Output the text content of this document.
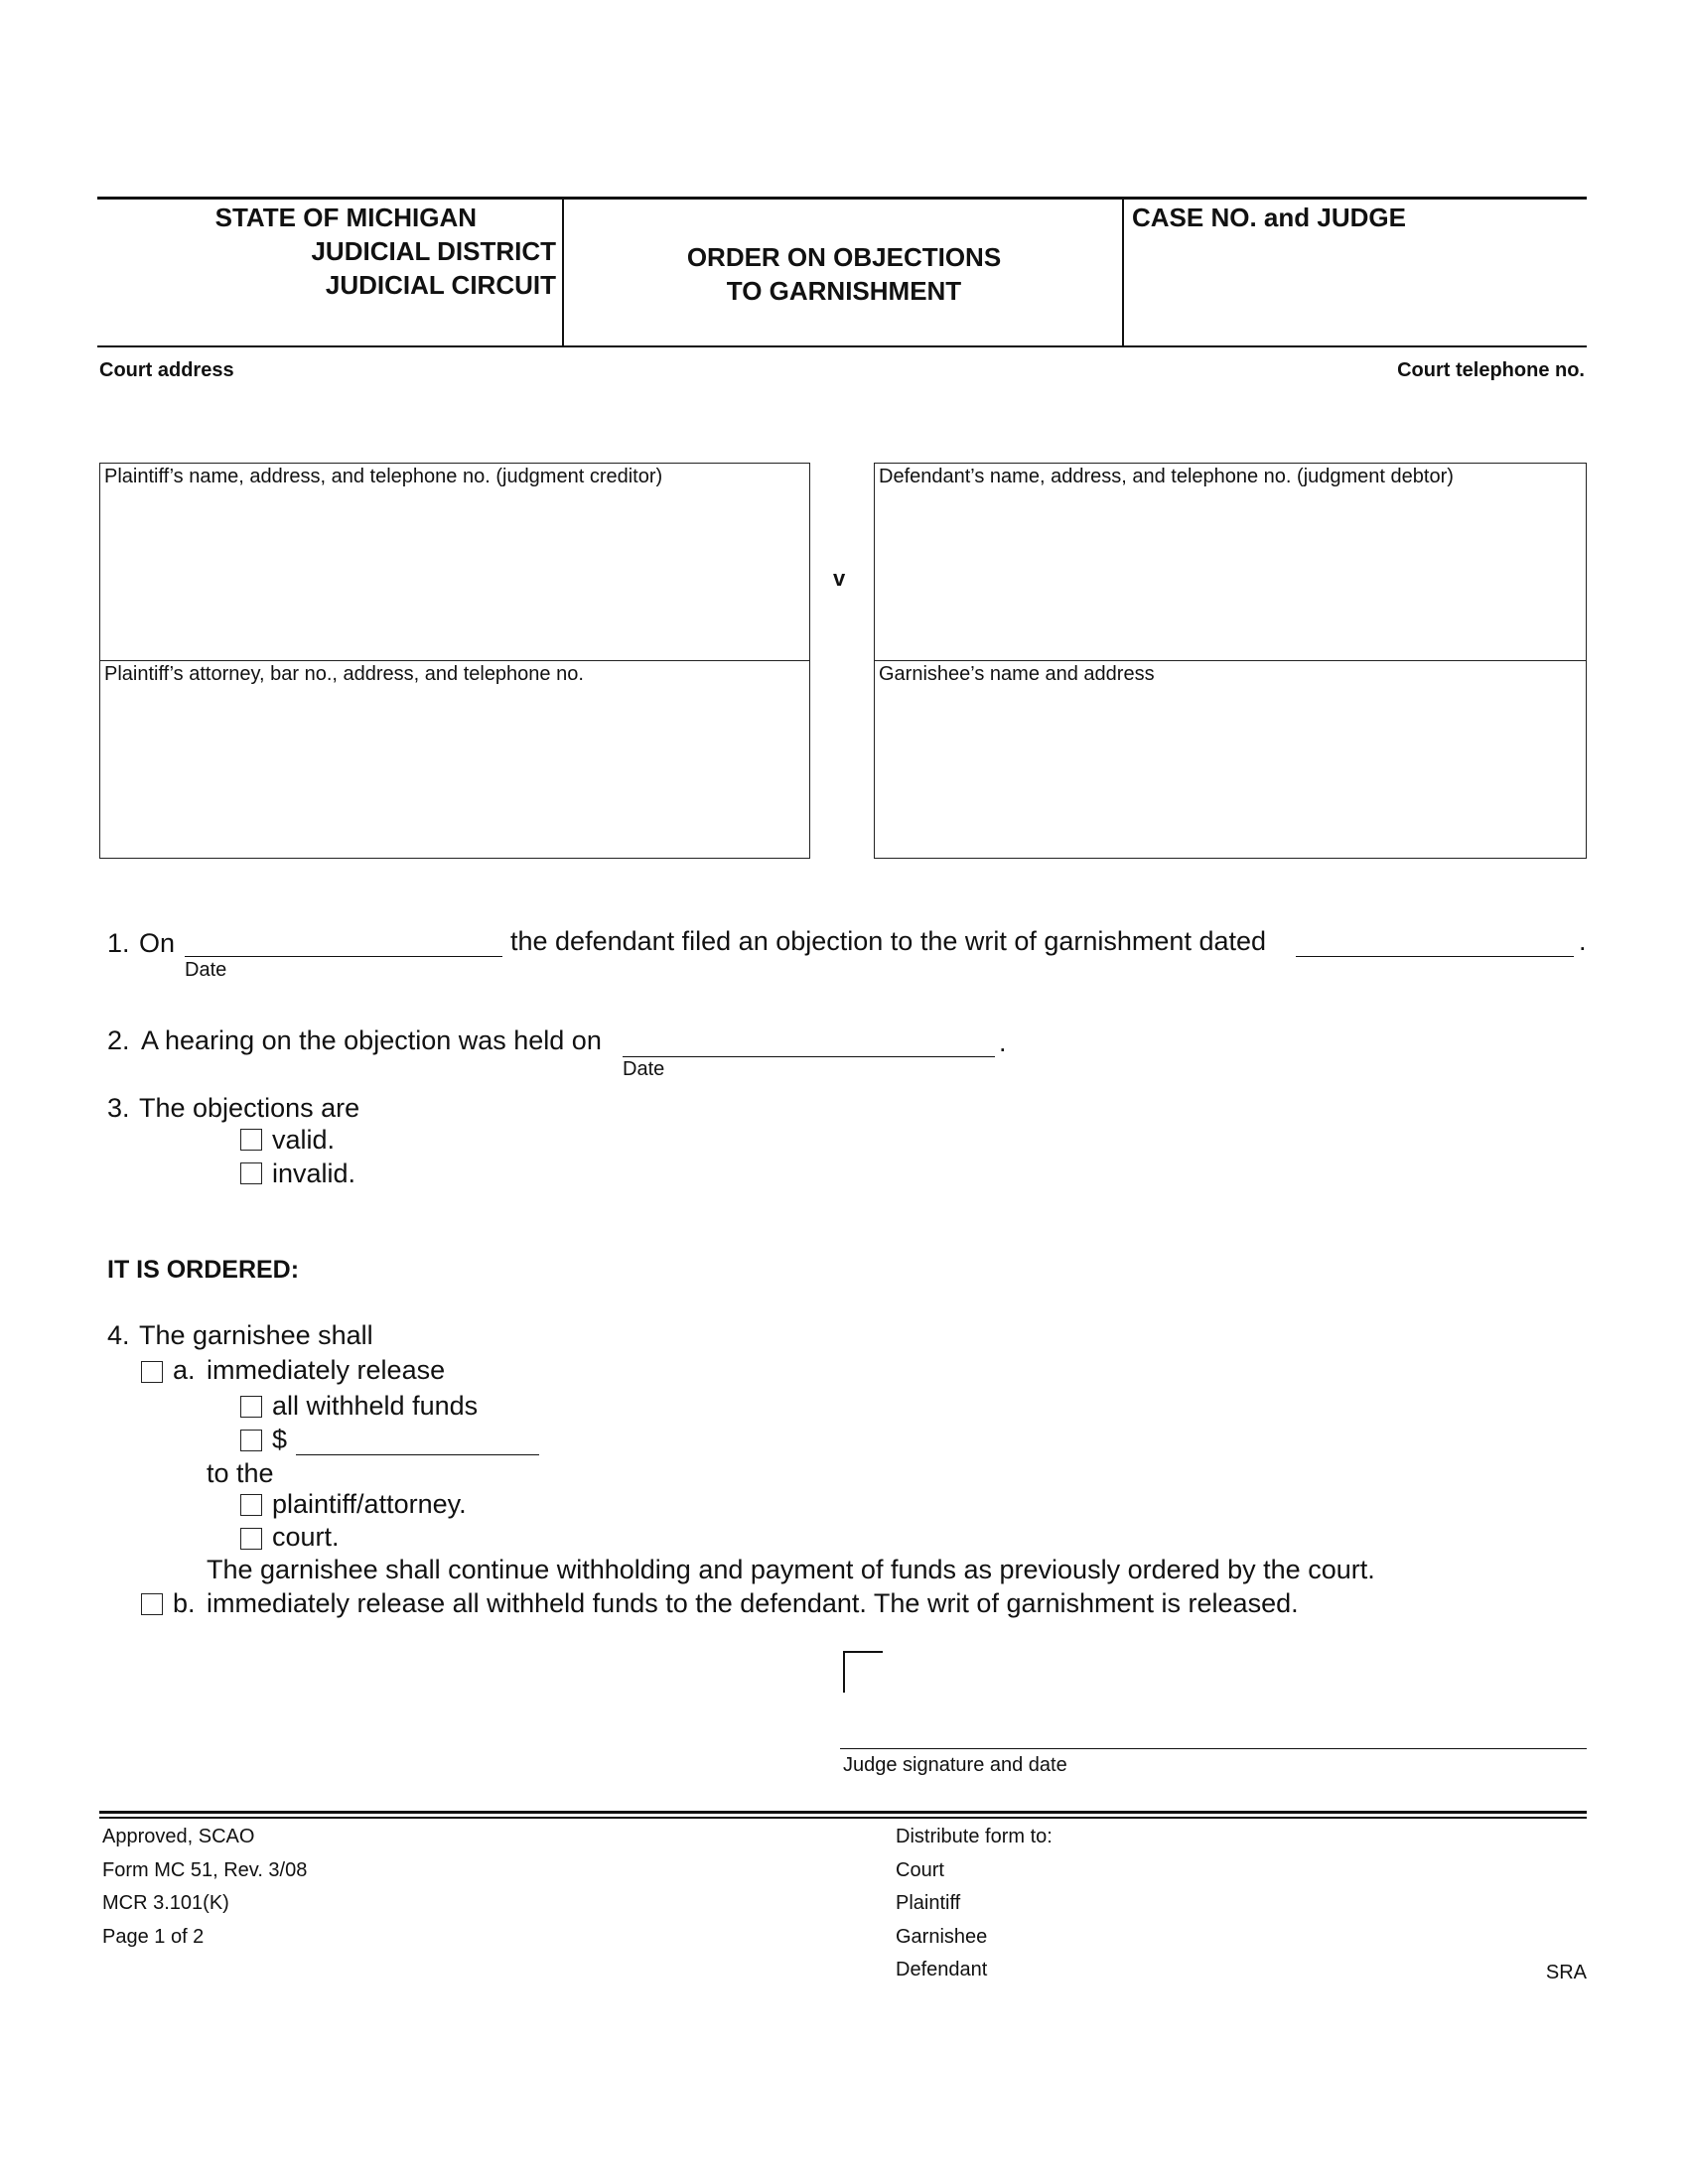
STATE OF MICHIGAN
JUDICIAL DISTRICT
JUDICIAL CIRCUIT
ORDER ON OBJECTIONS
TO GARNISHMENT
CASE NO. and JUDGE
Court address	Court telephone no.
Plaintiff’s name, address, and telephone no. (judgment creditor)
Plaintiff’s attorney, bar no., address, and telephone no.
v
Defendant’s name, address, and telephone no. (judgment debtor)
Garnishee’s name and address
1. On
Date
the defendant filed an objection to the writ of garnishment dated	.
2. A hearing on the objection was held on	.
Date
3. The objections are
valid.
invalid.
IT IS ORDERED:
4. The garnishee shall
a. immediately release
all withheld funds
$
to the
plaintiff/attorney.
court.
The garnishee shall continue withholding and payment of funds as previously ordered by the court.
b. immediately release all withheld funds to the defendant. The writ of garnishment is released.
Judge signature and date
Approved, SCAO
Form MC 51, Rev. 3/08
MCR 3.101(K)
Page 1 of 2
Distribute form to:
Court
Plaintiff
Garnishee
Defendant	SRA
